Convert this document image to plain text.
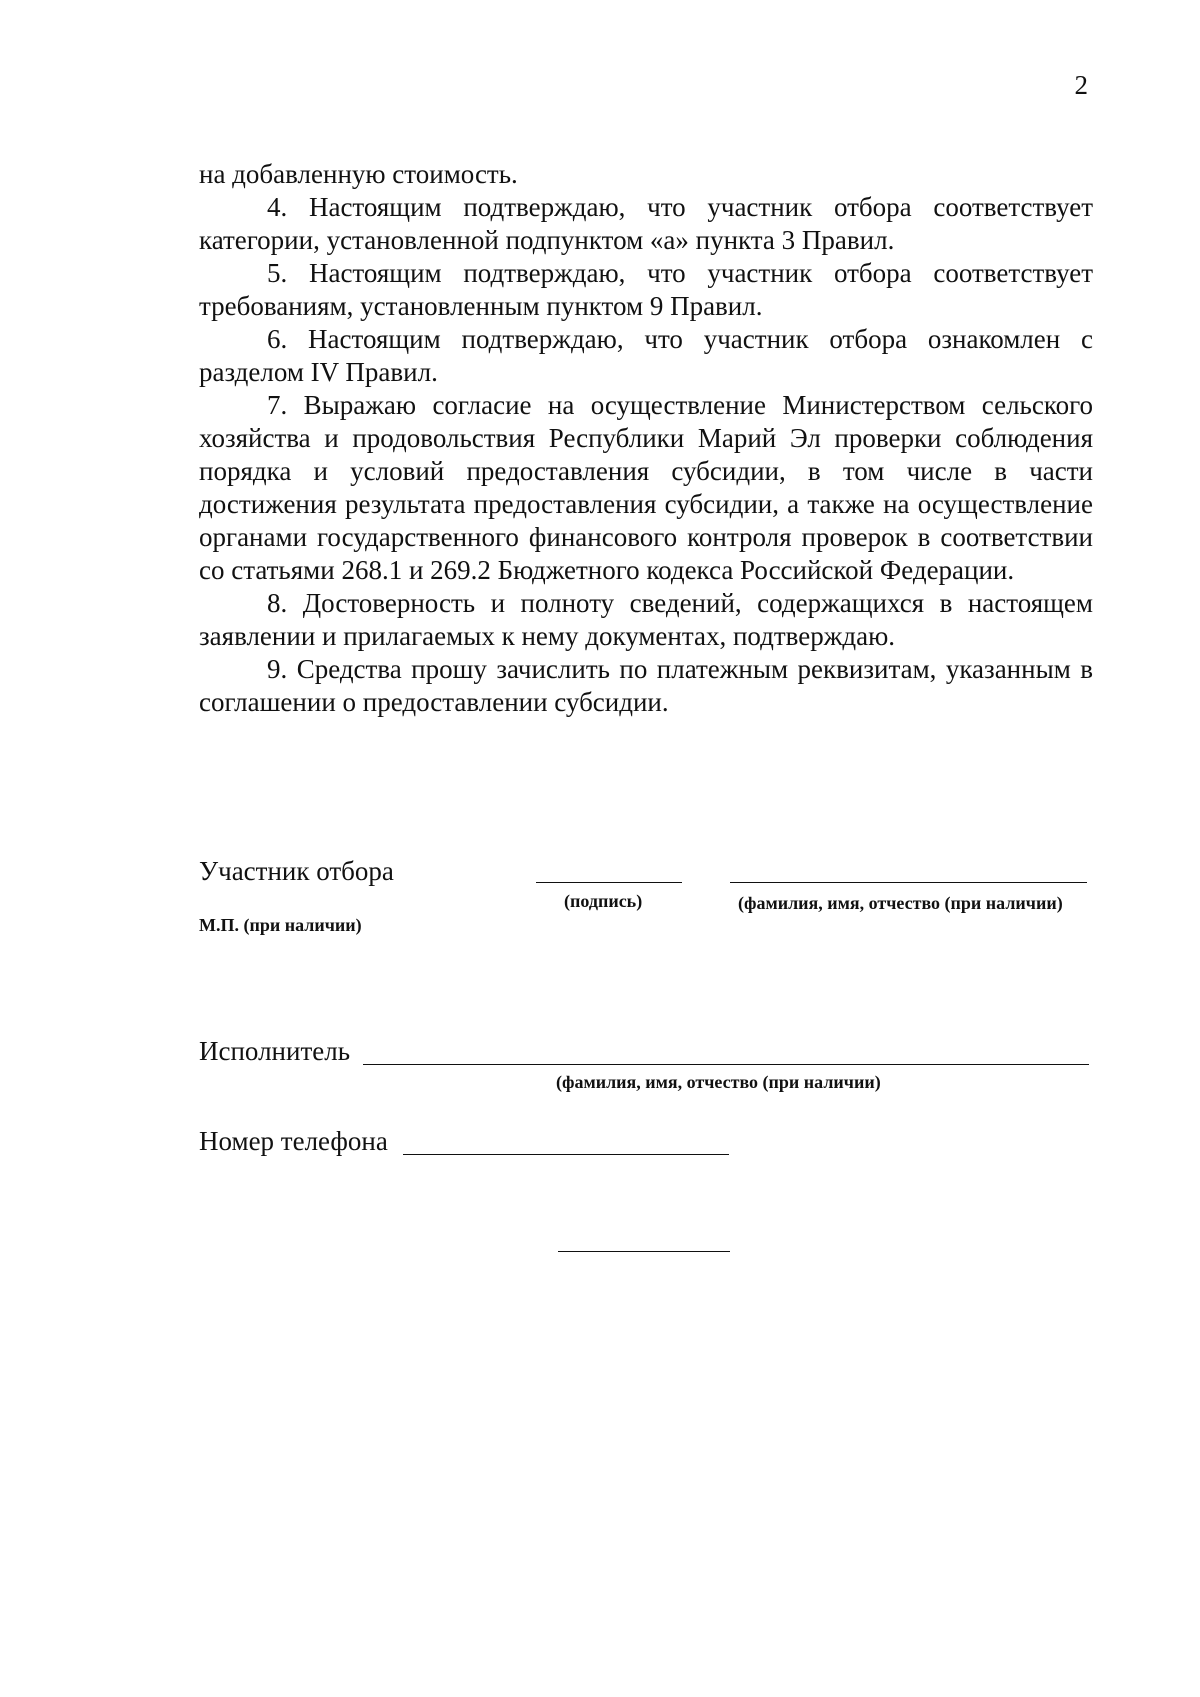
2

на добавленную стоимость.

4. Настоящим подтверждаю, что участник отбора соответствует категории, установленной подпунктом «а» пункта 3 Правил.

5. Настоящим подтверждаю, что участник отбора соответствует требованиям, установленным пунктом 9 Правил.

6. Настоящим подтверждаю, что участник отбора ознакомлен с разделом IV Правил.

7. Выражаю согласие на осуществление Министерством сельского хозяйства и продовольствия Республики Марий Эл проверки соблюдения порядка и условий предоставления субсидии, в том числе в части достижения результата предоставления субсидии, а также на осуществление органами государственного финансового контроля проверок в соответствии со статьями 268.1 и 269.2 Бюджетного кодекса Российской Федерации.

8. Достоверность и полноту сведений, содержащихся в настоящем заявлении и прилагаемых к нему документах, подтверждаю.

9. Средства прошу зачислить по платежным реквизитам, указанным в соглашении о предоставлении субсидии.

Участник отбора
(подпись)	(фамилия, имя, отчество (при наличии)
М.П. (при наличии)
Исполнитель
(фамилия, имя, отчество (при наличии)
Номер телефона
